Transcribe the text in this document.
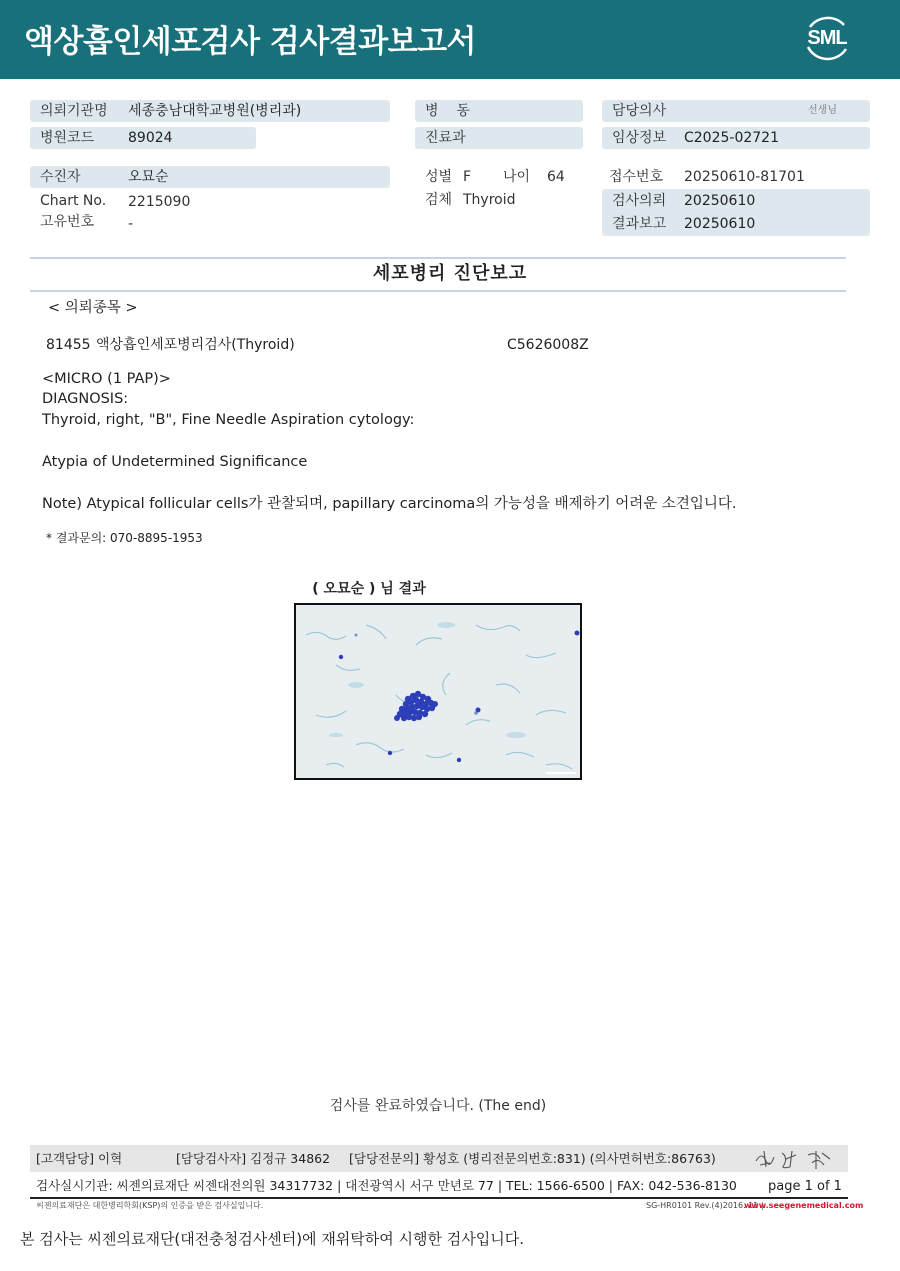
액상흡인세포검사 검사결과보고서	SML
의뢰기관명 세종충남대학교병원(병리과)
병원코드 89024
수진자	오묘순
Chart No. 2215090
고유번호 -
병    동
진료과
성별 F 나이 64
검체 Thyroid
담당의사	선생님
임상정보 C2025-02721
접수번호 20250610-81701
검사의뢰 20250610
결과보고 20250610
세포병리 진단보고
< 의뢰종목 >
81455 액상흡인세포병리검사(Thyroid)	C5626008Z
<MICRO (1 PAP)>
DIAGNOSIS:
Thyroid, right, "B", Fine Needle Aspiration cytology:
Atypia of Undetermined Significance
Note) Atypical follicular cells가 관찰되며, papillary carcinoma의 가능성을 배제하기 어려운 소견입니다.
* 결과문의: 070-8895-1953
( 오묘순 ) 님 결과
검사를 완료하였습니다. (The end)
[고객담당] 이혁	[담당검사자] 김정규 34862 [담당전문의] 황성호 (병리전문의번호:831) (의사면허번호:86763)
검사실시기관: 씨젠의료재단 씨젠대전의원 34317732 | 대전광역시 서구 만년로 77 | TEL: 1566-6500 | FAX: 042-536-8130 page 1 of 1
씨젠의료재단은 대한병리학회(KSP)의 인증을 받은 검사실입니다.	SG-HR0101 Rev.(4)2016. 11 |
www.seegenemedical.com
본 검사는 씨젠의료재단(대전충청검사센터)에 재위탁하여 시행한 검사입니다.
